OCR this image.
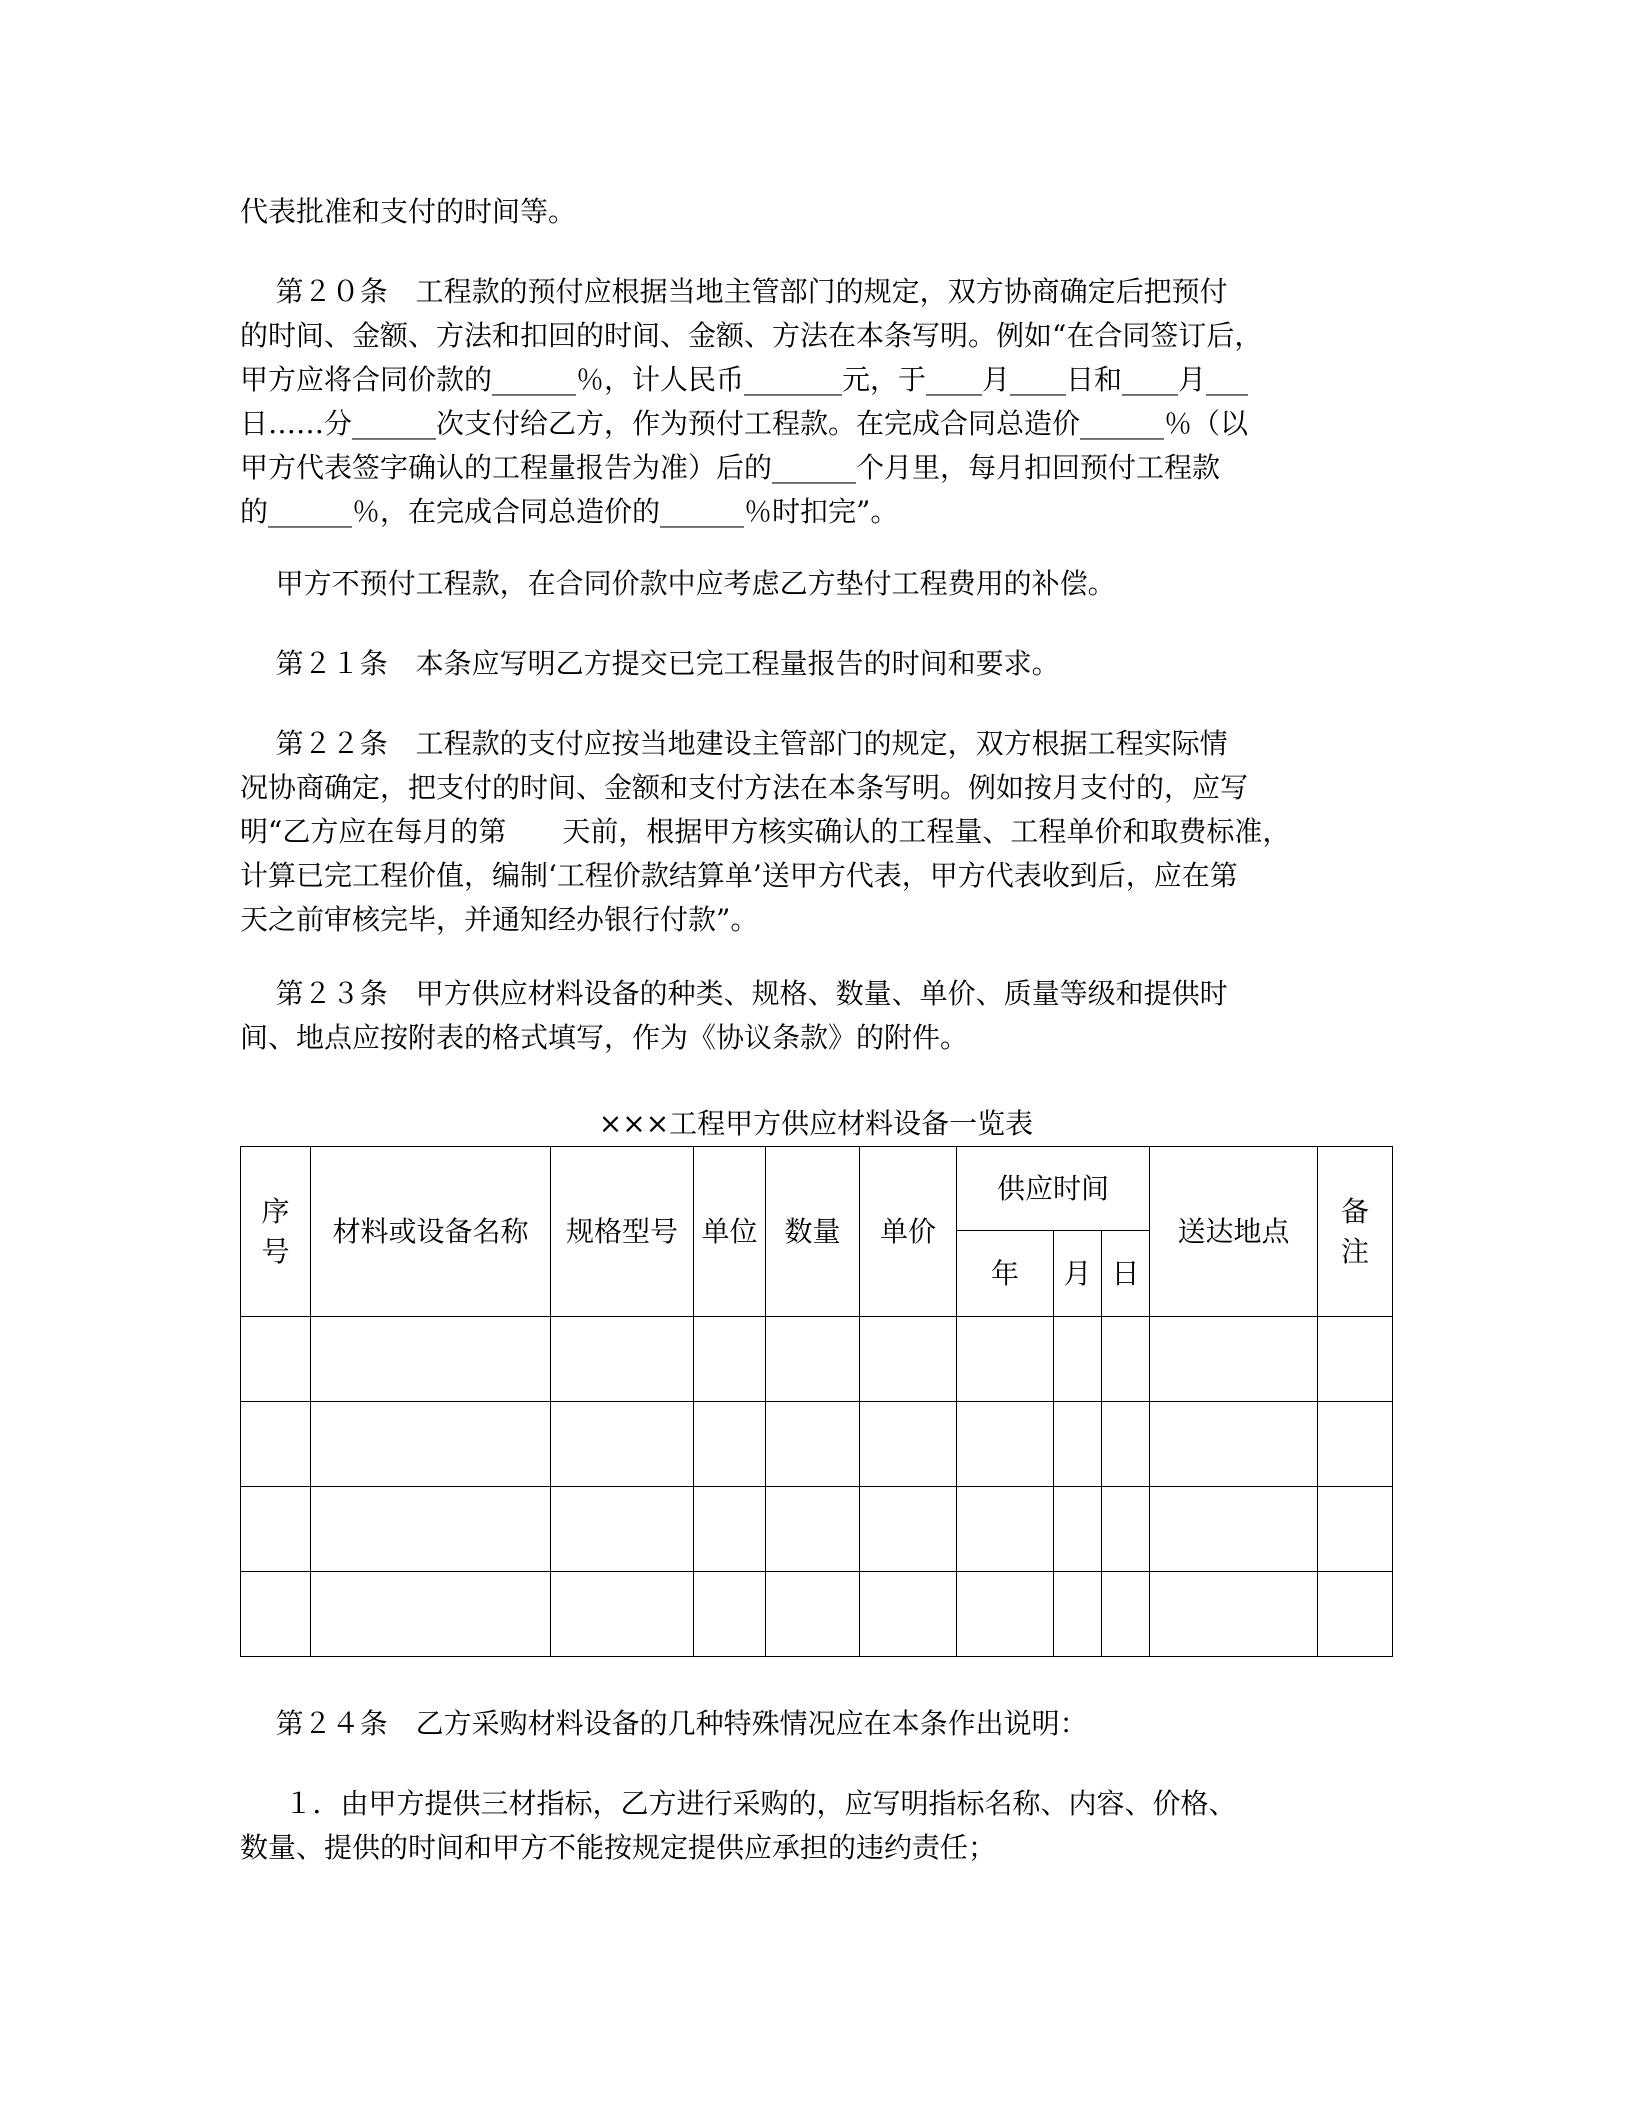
代表批准和支付的时间等。
第２０条　工程款的预付应根据当地主管部门的规定，双方协商确定后把预付
的时间、金额、方法和扣回的时间、金额、方法在本条写明。例如“在合同签订后，
甲方应将合同价款的______％，计人民币_______元，于____月____日和____月___
日……分______次支付给乙方，作为预付工程款。在完成合同总造价______％（以
甲方代表签字确认的工程量报告为准）后的______个月里，每月扣回预付工程款
的______％，在完成合同总造价的______％时扣完”。
甲方不预付工程款，在合同价款中应考虑乙方垫付工程费用的补偿。
第２１条　本条应写明乙方提交已完工程量报告的时间和要求。
第２２条　工程款的支付应按当地建设主管部门的规定，双方根据工程实际情
况协商确定，把支付的时间、金额和支付方法在本条写明。例如按月支付的，应写
明“乙方应在每月的第　　天前，根据甲方核实确认的工程量、工程单价和取费标准，
计算已完工程价值，编制‘工程价款结算单’送甲方代表，甲方代表收到后，应在第
天之前审核完毕，并通知经办银行付款”。
第２３条　甲方供应材料设备的种类、规格、数量、单价、质量等级和提供时
间、地点应按附表的格式填写，作为《协议条款》的附件。
×××工程甲方供应材料设备一览表
序号	材料或设备名称	规格型号	单位	数量	单价	供应时间			送达地点	备注
						年	月	日		

第２４条　乙方采购材料设备的几种特殊情况应在本条作出说明：
１．由甲方提供三材指标，乙方进行采购的，应写明指标名称、内容、价格、
数量、提供的时间和甲方不能按规定提供应承担的违约责任；
